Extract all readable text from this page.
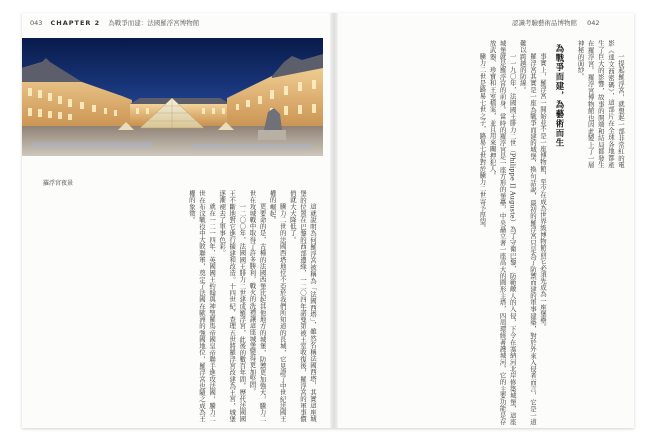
043 CHAPTER 2 為戰爭而建：法國羅浮宮博物館	認識考驗藝術品博物館 042
羅浮宮夜景

一提起羅浮宮，就想起一部非常紅的電影《達文西密碼》，這部片在全球各地都產生了巨大的影響，故事的開端和結局都發生在羅浮宮。羅浮宮博物館也因此變上了一層神秘的面紗。

為戰爭而建，為藝術而生

事實上，羅浮宮一開始並不是一座博物館，至少在成為世界級博物館前它必須先成為一座堡壘。

羅浮宮其實是一座為戰爭而建的城堡，換句話說，最初的羅浮宮只是為了防禦而建的軍事建築，對於外來入侵者而言，它是一道難以跨越的防線。

一一九〇年，法國國王腓力二世（Philippe II Auguste）為了守衛巴黎，防範敵人的入侵，下令在塞納河北岸修築城堡，這座城堡就是羅浮宮的前身。當時的羅浮宮是一座方形的堡壘，中央矗立著一座高大的圓形主塔，四周環繞著護城河，它的主要功能是存放武器、珍寶和王室檔案，並且用來關押犯人。

騰力二世是路易七世之子，路易七世對於騰力二世寄予厚望。

這就說明為何羅浮宮被稱為「法國西塔」，雖然名稱法國西塔，其實這座城堡的位置在巴黎的西部邊緣，一二〇四年諾曼第被王室收復後，羅浮宮的軍事價值就大大降低了。

騰力二世的法國西塔地位不亞於我們所知道的長城，它見證了中世紀法國王權的崛起。

更要命的是，古種的法國西堡比起其他地方的城堡，防禦更加強大，騰力二世在攻城戰中取得了許多勝利，戰火的洗禮讓這座城堡變得更加堅固。

一二〇〇年，法國國王腓力二世建成羅浮宮，此後的數百年間，歷代法國國王不斷地對它進行擴建和改造。十四世紀，查理五世將羅浮宮改建為王宮，城堡逐漸褪去了軍事色彩。

就在一二一四年，英國國王約翰與神聖羅馬帝國皇帝聯手進攻法國，騰力二世在布汶戰役中大敗聯軍，奠定了法國在歐洲的強國地位，羅浮宮也隨之成為王權的象徵。
